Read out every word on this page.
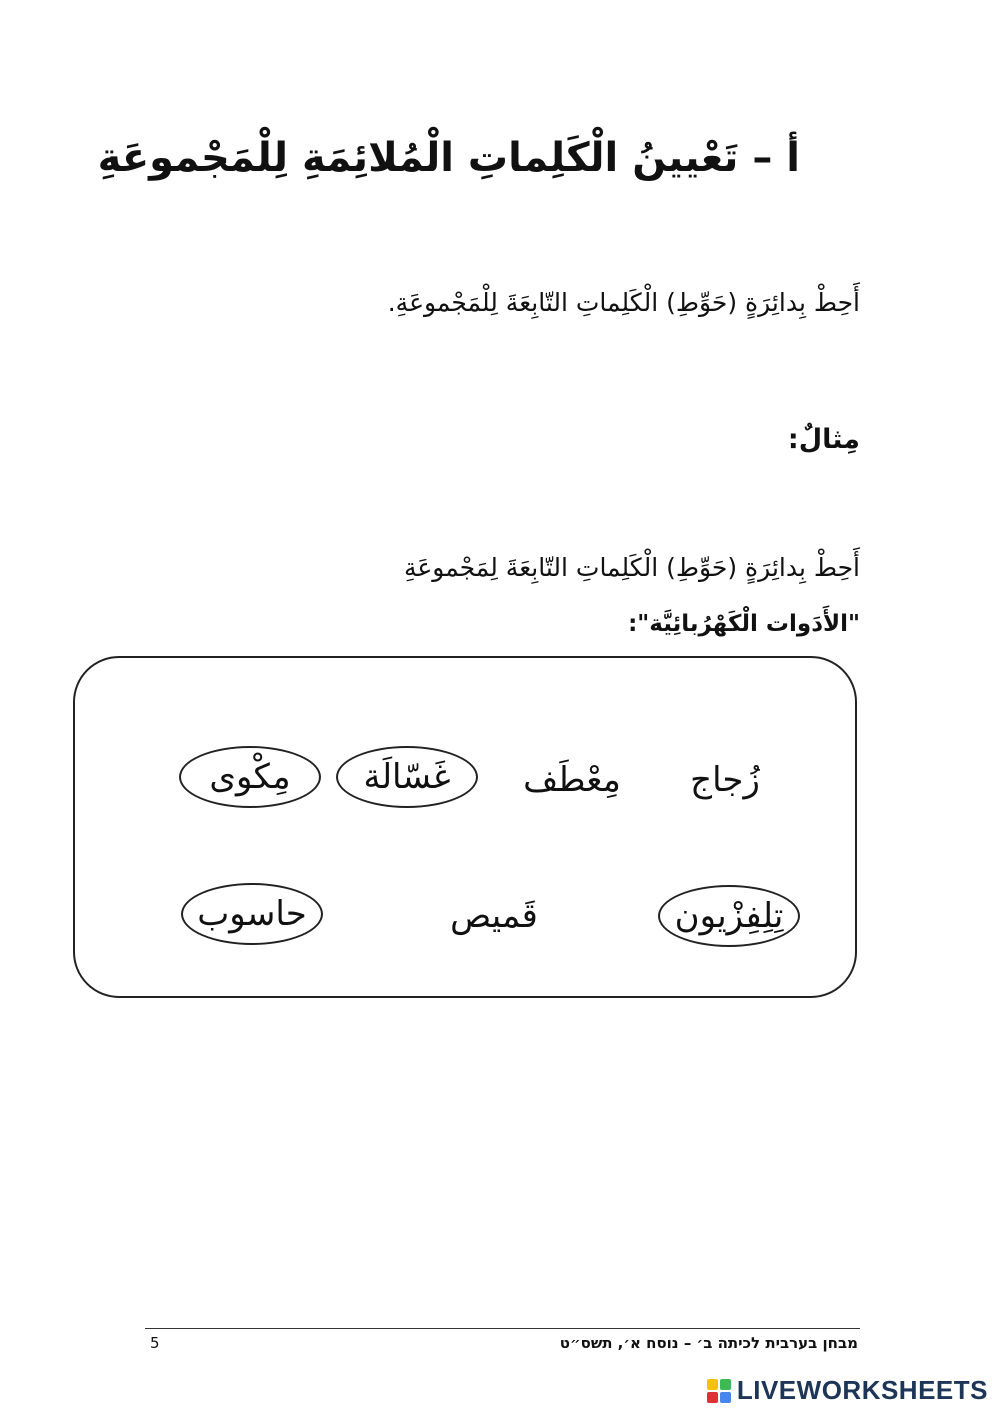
أ – تَعْيينُ الْكَلِماتِ الْمُلائِمَةِ لِلْمَجْموعَةِ
أَحِطْ بِدائِرَةٍ (حَوِّطِ) الْكَلِماتِ التّابِعَةَ لِلْمَجْموعَةِ.
مِثالٌ:
أَحِطْ بِدائِرَةٍ (حَوِّطِ) الْكَلِماتِ التّابِعَةَ لِمَجْموعَةِ
"الأَدَوات الْكَهْرُبائِيَّة":
زُجاج
مِعْطَف
غَسّالَة
مِكْوى
تِلِفِزْيون
قَميص
حاسوب
5	מבחן בערבית לכיתה ב׳ – נוסח א׳, תשס״ט
LIVEWORKSHEETS
